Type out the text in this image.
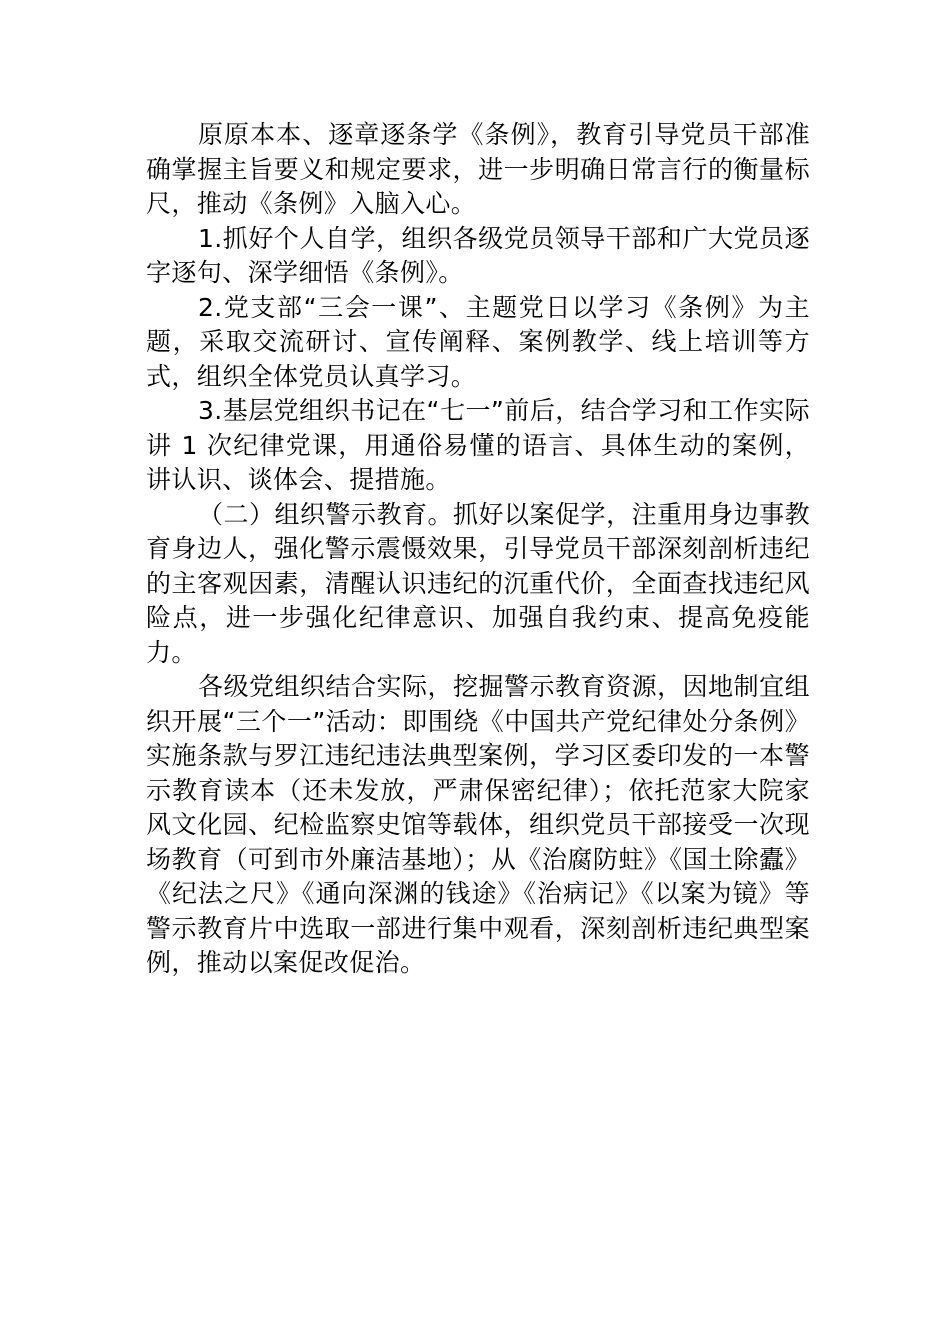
原原本本、逐章逐条学《条例》，教育引导党员干部准确掌握主旨要义和规定要求，进一步明确日常言行的衡量标尺，推动《条例》入脑入心。

1.抓好个人自学，组织各级党员领导干部和广大党员逐字逐句、深学细悟《条例》。

2.党支部“三会一课”、主题党日以学习《条例》为主题，采取交流研讨、宣传阐释、案例教学、线上培训等方式，组织全体党员认真学习。

3.基层党组织书记在“七一”前后，结合学习和工作实际讲 1 次纪律党课，用通俗易懂的语言、具体生动的案例，讲认识、谈体会、提措施。

（二）组织警示教育。抓好以案促学，注重用身边事教育身边人，强化警示震慑效果，引导党员干部深刻剖析违纪的主客观因素，清醒认识违纪的沉重代价，全面查找违纪风险点，进一步强化纪律意识、加强自我约束、提高免疫能力。

各级党组织结合实际，挖掘警示教育资源，因地制宜组织开展“三个一”活动：即围绕《中国共产党纪律处分条例》实施条款与罗江违纪违法典型案例，学习区委印发的一本警示教育读本（还未发放，严肃保密纪律）；依托范家大院家风文化园、纪检监察史馆等载体，组织党员干部接受一次现场教育（可到市外廉洁基地）；从《治腐防蛀》《国土除蠹》《纪法之尺》《通向深渊的钱途》《治病记》《以案为镜》等警示教育片中选取一部进行集中观看，深刻剖析违纪典型案例，推动以案促改促治。
